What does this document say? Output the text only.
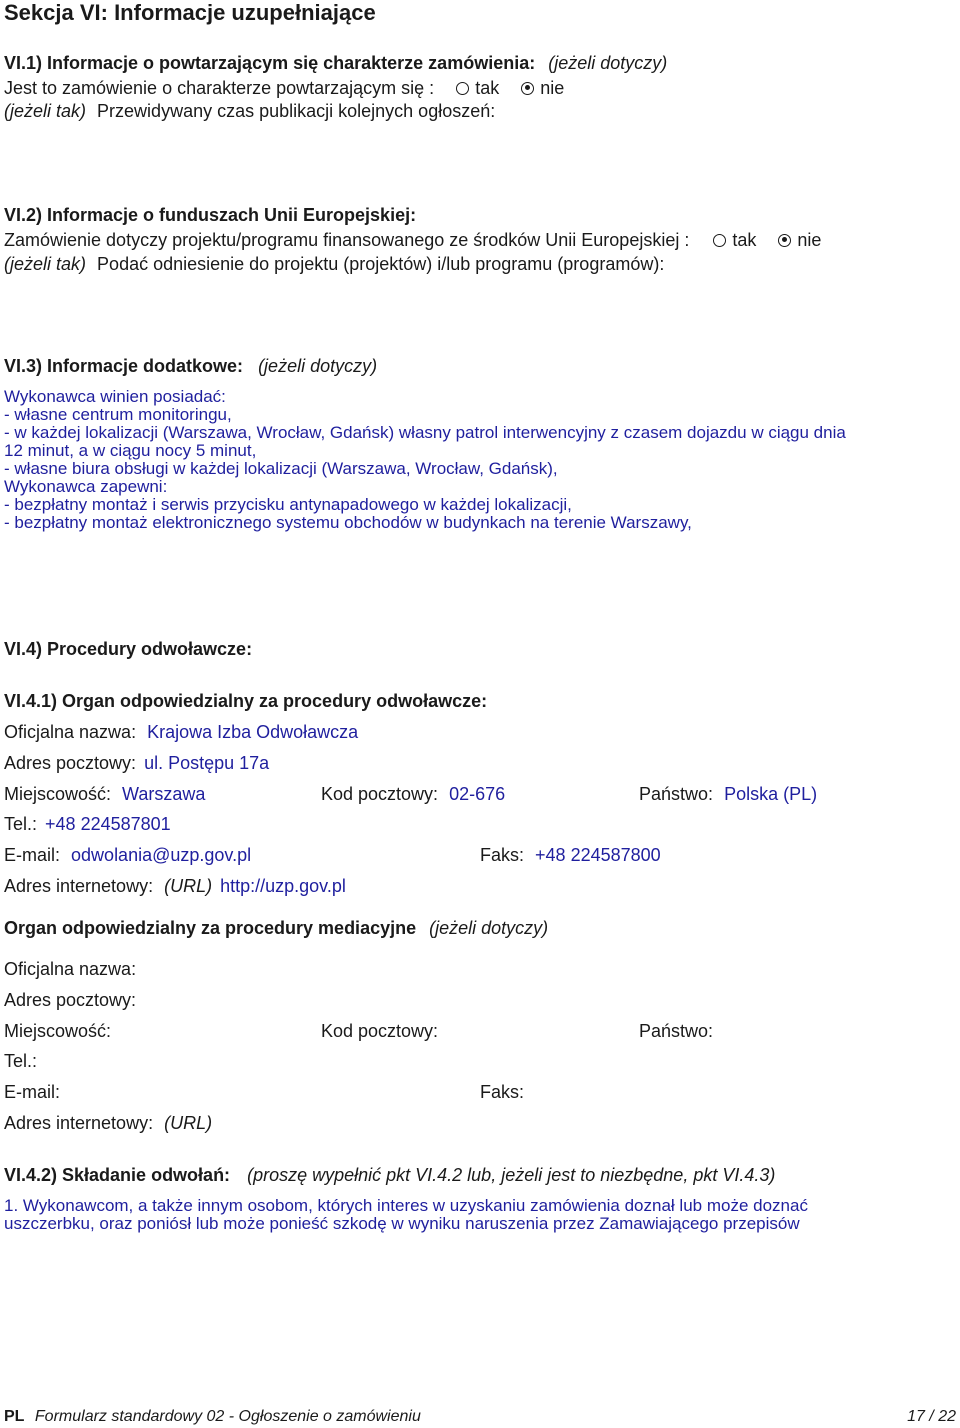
Sekcja VI: Informacje uzupełniające
VI.1) Informacje o powtarzającym się charakterze zamówienia: (jeżeli dotyczy)
Jest to zamówienie o charakterze powtarzającym się : tak nie
(jeżeli tak) Przewidywany czas publikacji kolejnych ogłoszeń:
VI.2) Informacje o funduszach Unii Europejskiej:
Zamówienie dotyczy projektu/programu finansowanego ze środków Unii Europejskiej : tak nie
(jeżeli tak) Podać odniesienie do projektu (projektów) i/lub programu (programów):
VI.3) Informacje dodatkowe: (jeżeli dotyczy)
Wykonawca winien posiadać:
- własne centrum monitoringu,
- w każdej lokalizacji (Warszawa, Wrocław, Gdańsk) własny patrol interwencyjny z czasem dojazdu w ciągu dnia
12 minut, a w ciągu nocy 5 minut,
- własne biura obsługi w każdej lokalizacji (Warszawa, Wrocław, Gdańsk),
Wykonawca zapewni:
- bezpłatny montaż i serwis przycisku antynapadowego w każdej lokalizacji,
- bezpłatny montaż elektronicznego systemu obchodów w budynkach na terenie Warszawy,
VI.4) Procedury odwoławcze:
VI.4.1) Organ odpowiedzialny za procedury odwoławcze:
Oficjalna nazwa: Krajowa Izba Odwoławcza
Adres pocztowy: ul. Postępu 17a
Miejscowość: Warszawa	Kod pocztowy: 02-676	Państwo: Polska (PL)
Tel.: +48 224587801
E-mail: odwolania@uzp.gov.pl	Faks: +48 224587800
Adres internetowy: (URL) http://uzp.gov.pl
Organ odpowiedzialny za procedury mediacyjne (jeżeli dotyczy)
Oficjalna nazwa:
Adres pocztowy:
Miejscowość:	Kod pocztowy:	Państwo:
Tel.:
E-mail:	Faks:
Adres internetowy: (URL)
VI.4.2) Składanie odwołań: (proszę wypełnić pkt VI.4.2 lub, jeżeli jest to niezbędne, pkt VI.4.3)
1. Wykonawcom, a także innym osobom, których interes w uzyskaniu zamówienia doznał lub może doznać
uszczerbku, oraz poniósł lub może ponieść szkodę w wyniku naruszenia przez Zamawiającego przepisów
PL Formularz standardowy 02 - Ogłoszenie o zamówieniu	17 / 22
